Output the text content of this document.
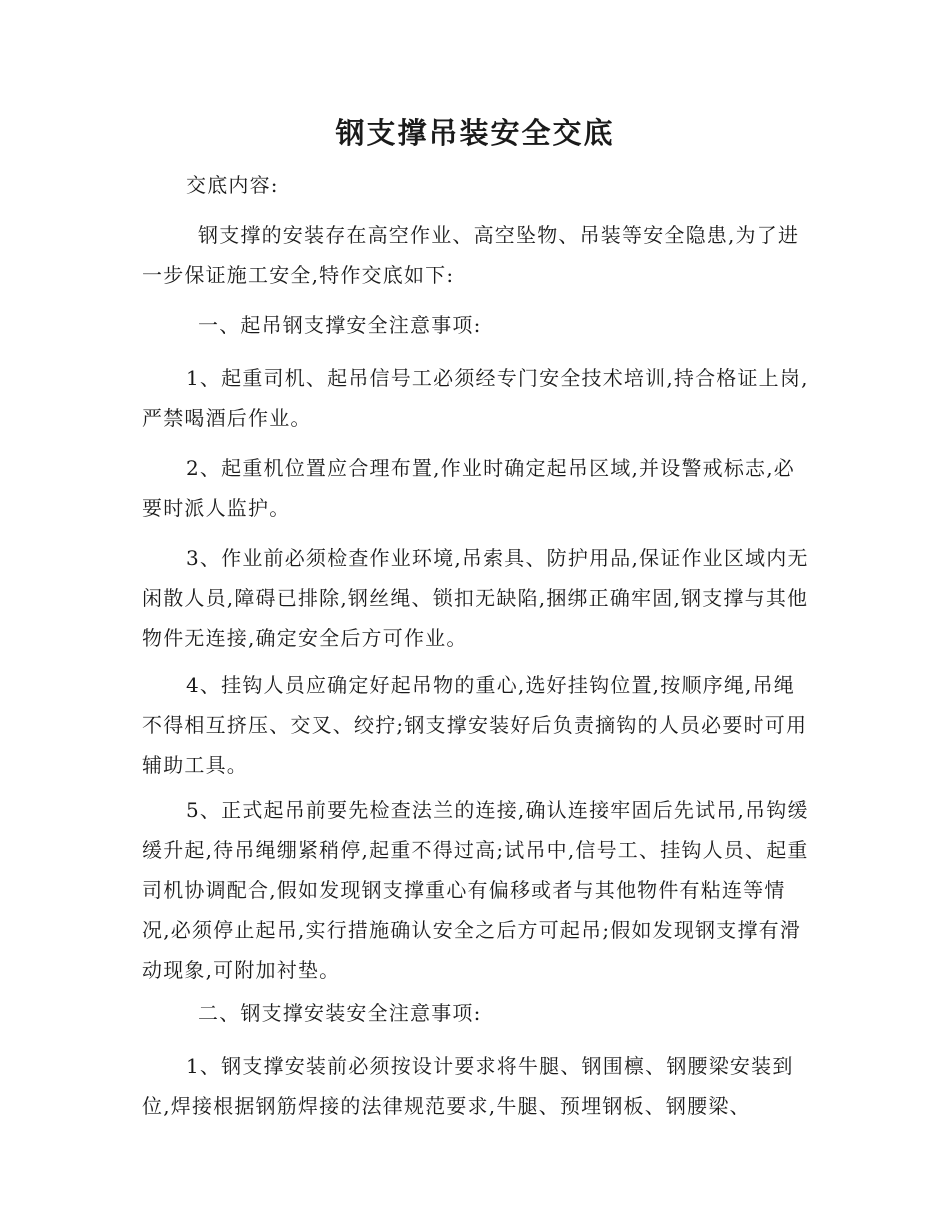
钢支撑吊装安全交底

交底内容:

钢支撑的安装存在高空作业、高空坠物、吊装等安全隐患,为了进一步保证施工安全,特作交底如下:

一、起吊钢支撑安全注意事项:

1、起重司机、起吊信号工必须经专门安全技术培训,持合格证上岗,严禁喝酒后作业。

2、起重机位置应合理布置,作业时确定起吊区域,并设警戒标志,必要时派人监护。

3、作业前必须检查作业环境,吊索具、防护用品,保证作业区域内无闲散人员,障碍已排除,钢丝绳、锁扣无缺陷,捆绑正确牢固,钢支撑与其他物件无连接,确定安全后方可作业。

4、挂钩人员应确定好起吊物的重心,选好挂钩位置,按顺序绳,吊绳不得相互挤压、交叉、绞拧;钢支撑安装好后负责摘钩的人员必要时可用辅助工具。

5、正式起吊前要先检查法兰的连接,确认连接牢固后先试吊,吊钩缓缓升起,待吊绳绷紧稍停,起重不得过高;试吊中,信号工、挂钩人员、起重司机协调配合,假如发现钢支撑重心有偏移或者与其他物件有粘连等情况,必须停止起吊,实行措施确认安全之后方可起吊;假如发现钢支撑有滑动现象,可附加衬垫。

二、钢支撑安装安全注意事项:

1、钢支撑安装前必须按设计要求将牛腿、钢围檩、钢腰梁安装到位,焊接根据钢筋焊接的法律规范要求,牛腿、预埋钢板、钢腰梁、
